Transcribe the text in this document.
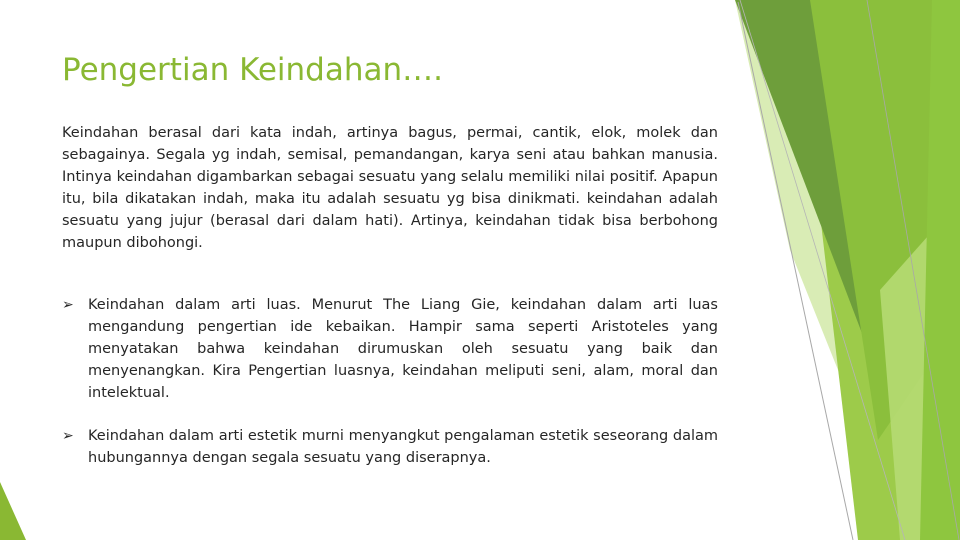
Pengertian Keindahan….

Keindahan berasal dari kata indah, artinya bagus, permai, cantik, elok, molek dan sebagainya. Segala yg indah, semisal, pemandangan, karya seni atau bahkan manusia. Intinya keindahan digambarkan sebagai sesuatu yang selalu memiliki nilai positif. Apapun itu, bila dikatakan indah, maka itu adalah sesuatu yg bisa dinikmati. keindahan adalah sesuatu yang jujur (berasal dari dalam hati). Artinya, keindahan tidak bisa berbohong maupun dibohongi.

➢ Keindahan dalam arti luas. Menurut The Liang Gie, keindahan dalam arti luas mengandung pengertian ide kebaikan. Hampir sama seperti Aristoteles yang menyatakan bahwa keindahan dirumuskan oleh sesuatu yang baik dan menyenangkan. Kira Pengertian luasnya, keindahan meliputi seni, alam, moral dan intelektual.
➢ Keindahan dalam arti estetik murni menyangkut pengalaman estetik seseorang dalam hubungannya dengan segala sesuatu yang diserapnya.
